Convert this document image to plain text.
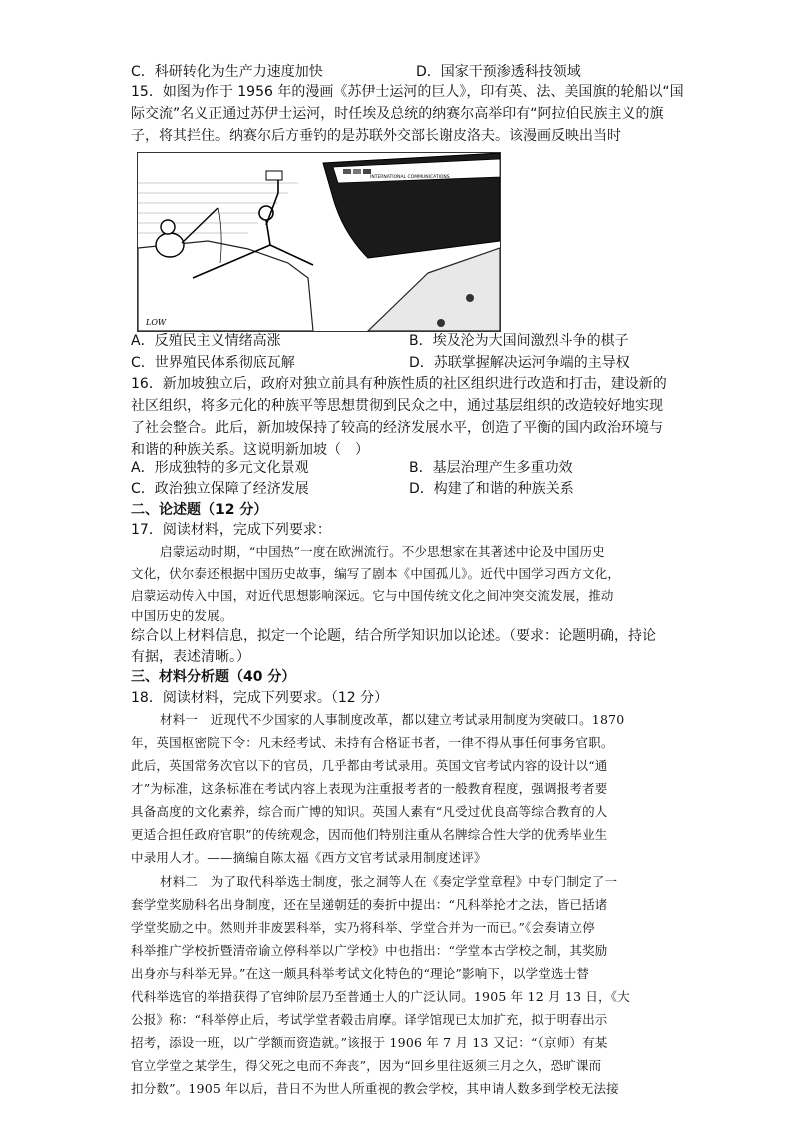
C．科研转化为生产力速度加快	D．国家干预渗透科技领域
15．如图为作于 1956 年的漫画《苏伊士运河的巨人》，印有英、法、美国旗的轮船以“国
际交流”名义正通过苏伊士运河，时任埃及总统的纳赛尔高举印有“阿拉伯民族主义的旗
子，将其拦住。纳赛尔后方垂钓的是苏联外交部长谢皮洛夫。该漫画反映出当时
INTERNATIONAL COMMUNICATIONS
LOW
A．反殖民主义情绪高涨	B．埃及沦为大国间激烈斗争的棋子
C．世界殖民体系彻底瓦解	D．苏联掌握解决运河争端的主导权
16．新加坡独立后，政府对独立前具有种族性质的社区组织进行改造和打击，建设新的
社区组织，将多元化的种族平等思想贯彻到民众之中，通过基层组织的改造较好地实现
了社会整合。此后，新加坡保持了较高的经济发展水平，创造了平衡的国内政治环境与
和谐的种族关系。这说明新加坡（　）
A．形成独特的多元文化景观	B．基层治理产生多重功效
C．政治独立保障了经济发展	D．构建了和谐的种族关系
二、论述题（12 分）
17．阅读材料，完成下列要求：
启蒙运动时期，“中国热”一度在欧洲流行。不少思想家在其著述中论及中国历史
文化，伏尔泰还根据中国历史故事，编写了剧本《中国孤儿》。近代中国学习西方文化，
启蒙运动传入中国，对近代思想影响深远。它与中国传统文化之间冲突交流发展，推动
中国历史的发展。
综合以上材料信息，拟定一个论题，结合所学知识加以论述。（要求：论题明确，持论
有据，表述清晰。）
三、材料分析题（40 分）
18．阅读材料，完成下列要求。（12 分）
材料一　近现代不少国家的人事制度改革，都以建立考试录用制度为突破口。1870
年，英国枢密院下令：凡未经考试、未持有合格证书者，一律不得从事任何事务官职。
此后，英国常务次官以下的官员，几乎都由考试录用。英国文官考试内容的设计以“通
才”为标准，这条标准在考试内容上表现为注重报考者的一般教育程度，强调报考者要
具备高度的文化素养，综合而广博的知识。英国人素有“凡受过优良高等综合教育的人
更适合担任政府官职”的传统观念，因而他们特别注重从名牌综合性大学的优秀毕业生
中录用人才。——摘编自陈太福《西方文官考试录用制度述评》
材料二　为了取代科举选士制度，张之洞等人在《奏定学堂章程》中专门制定了一
套学堂奖励科名出身制度，还在呈递朝廷的奏折中提出：“凡科举抡才之法，皆已括诸
学堂奖励之中。然则并非废罢科举，实乃将科举、学堂合并为一而已。”《会奏请立停
科举推广学校折暨清帝谕立停科举以广学校》中也指出：“学堂本古学校之制，其奖励
出身亦与科举无异。”在这一颇具科举考试文化特色的“理论”影响下，以学堂选士替
代科举选官的举措获得了官绅阶层乃至普通士人的广泛认同。1905 年 12 月 13 日，《大
公报》称：“科举停止后，考试学堂者毂击肩摩。译学馆现已太加扩充，拟于明春出示
招考，添设一班，以广学额而资造就。”该报于 1906 年 7 月 13 又记：“（京师）有某
官立学堂之某学生，得父死之电而不奔丧”，因为“回乡里往返须三月之久，恐旷课而
扣分数”。1905 年以后，昔日不为世人所重视的教会学校，其申请人数多到学校无法接
